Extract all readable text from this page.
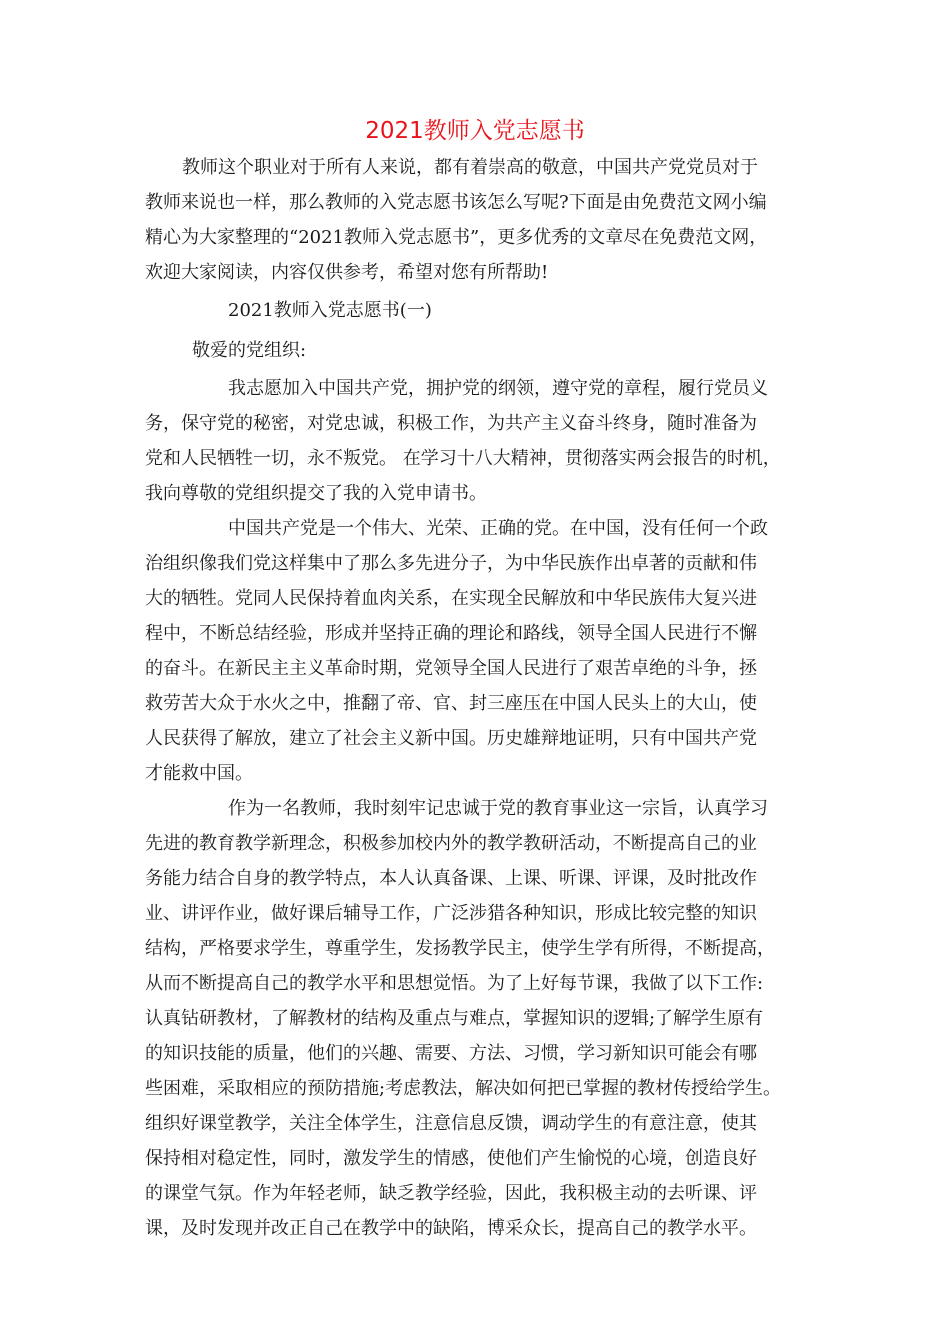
2021教师入党志愿书
教师这个职业对于所有人来说，都有着崇高的敬意，中国共产党党员对于
教师来说也一样，那么教师的入党志愿书该怎么写呢?下面是由免费范文网小编
精心为大家整理的“2021教师入党志愿书”，更多优秀的文章尽在免费范文网，
欢迎大家阅读，内容仅供参考，希望对您有所帮助!
2021教师入党志愿书(一)
敬爱的党组织:
我志愿加入中国共产党，拥护党的纲领，遵守党的章程，履行党员义
务，保守党的秘密，对党忠诚，积极工作，为共产主义奋斗终身，随时准备为
党和人民牺牲一切，永不叛党。 在学习十八大精神，贯彻落实两会报告的时机，
我向尊敬的党组织提交了我的入党申请书。
中国共产党是一个伟大、光荣、正确的党。在中国，没有任何一个政
治组织像我们党这样集中了那么多先进分子，为中华民族作出卓著的贡献和伟
大的牺牲。党同人民保持着血肉关系，在实现全民解放和中华民族伟大复兴进
程中，不断总结经验，形成并坚持正确的理论和路线，领导全国人民进行不懈
的奋斗。在新民主主义革命时期，党领导全国人民进行了艰苦卓绝的斗争，拯
救劳苦大众于水火之中，推翻了帝、官、封三座压在中国人民头上的大山，使
人民获得了解放，建立了社会主义新中国。历史雄辩地证明，只有中国共产党
才能救中国。
作为一名教师，我时刻牢记忠诚于党的教育事业这一宗旨，认真学习
先进的教育教学新理念，积极参加校内外的教学教研活动，不断提高自己的业
务能力结合自身的教学特点，本人认真备课、上课、听课、评课，及时批改作
业、讲评作业，做好课后辅导工作，广泛涉猎各种知识，形成比较完整的知识
结构，严格要求学生，尊重学生，发扬教学民主，使学生学有所得，不断提高，
从而不断提高自己的教学水平和思想觉悟。为了上好每节课，我做了以下工作:
认真钻研教材，了解教材的结构及重点与难点，掌握知识的逻辑;了解学生原有
的知识技能的质量，他们的兴趣、需要、方法、习惯，学习新知识可能会有哪
些困难，采取相应的预防措施;考虑教法，解决如何把已掌握的教材传授给学生。
组织好课堂教学，关注全体学生，注意信息反馈，调动学生的有意注意，使其
保持相对稳定性，同时，激发学生的情感，使他们产生愉悦的心境，创造良好
的课堂气氛。作为年轻老师，缺乏教学经验，因此，我积极主动的去听课、评
课，及时发现并改正自己在教学中的缺陷，博采众长，提高自己的教学水平。
